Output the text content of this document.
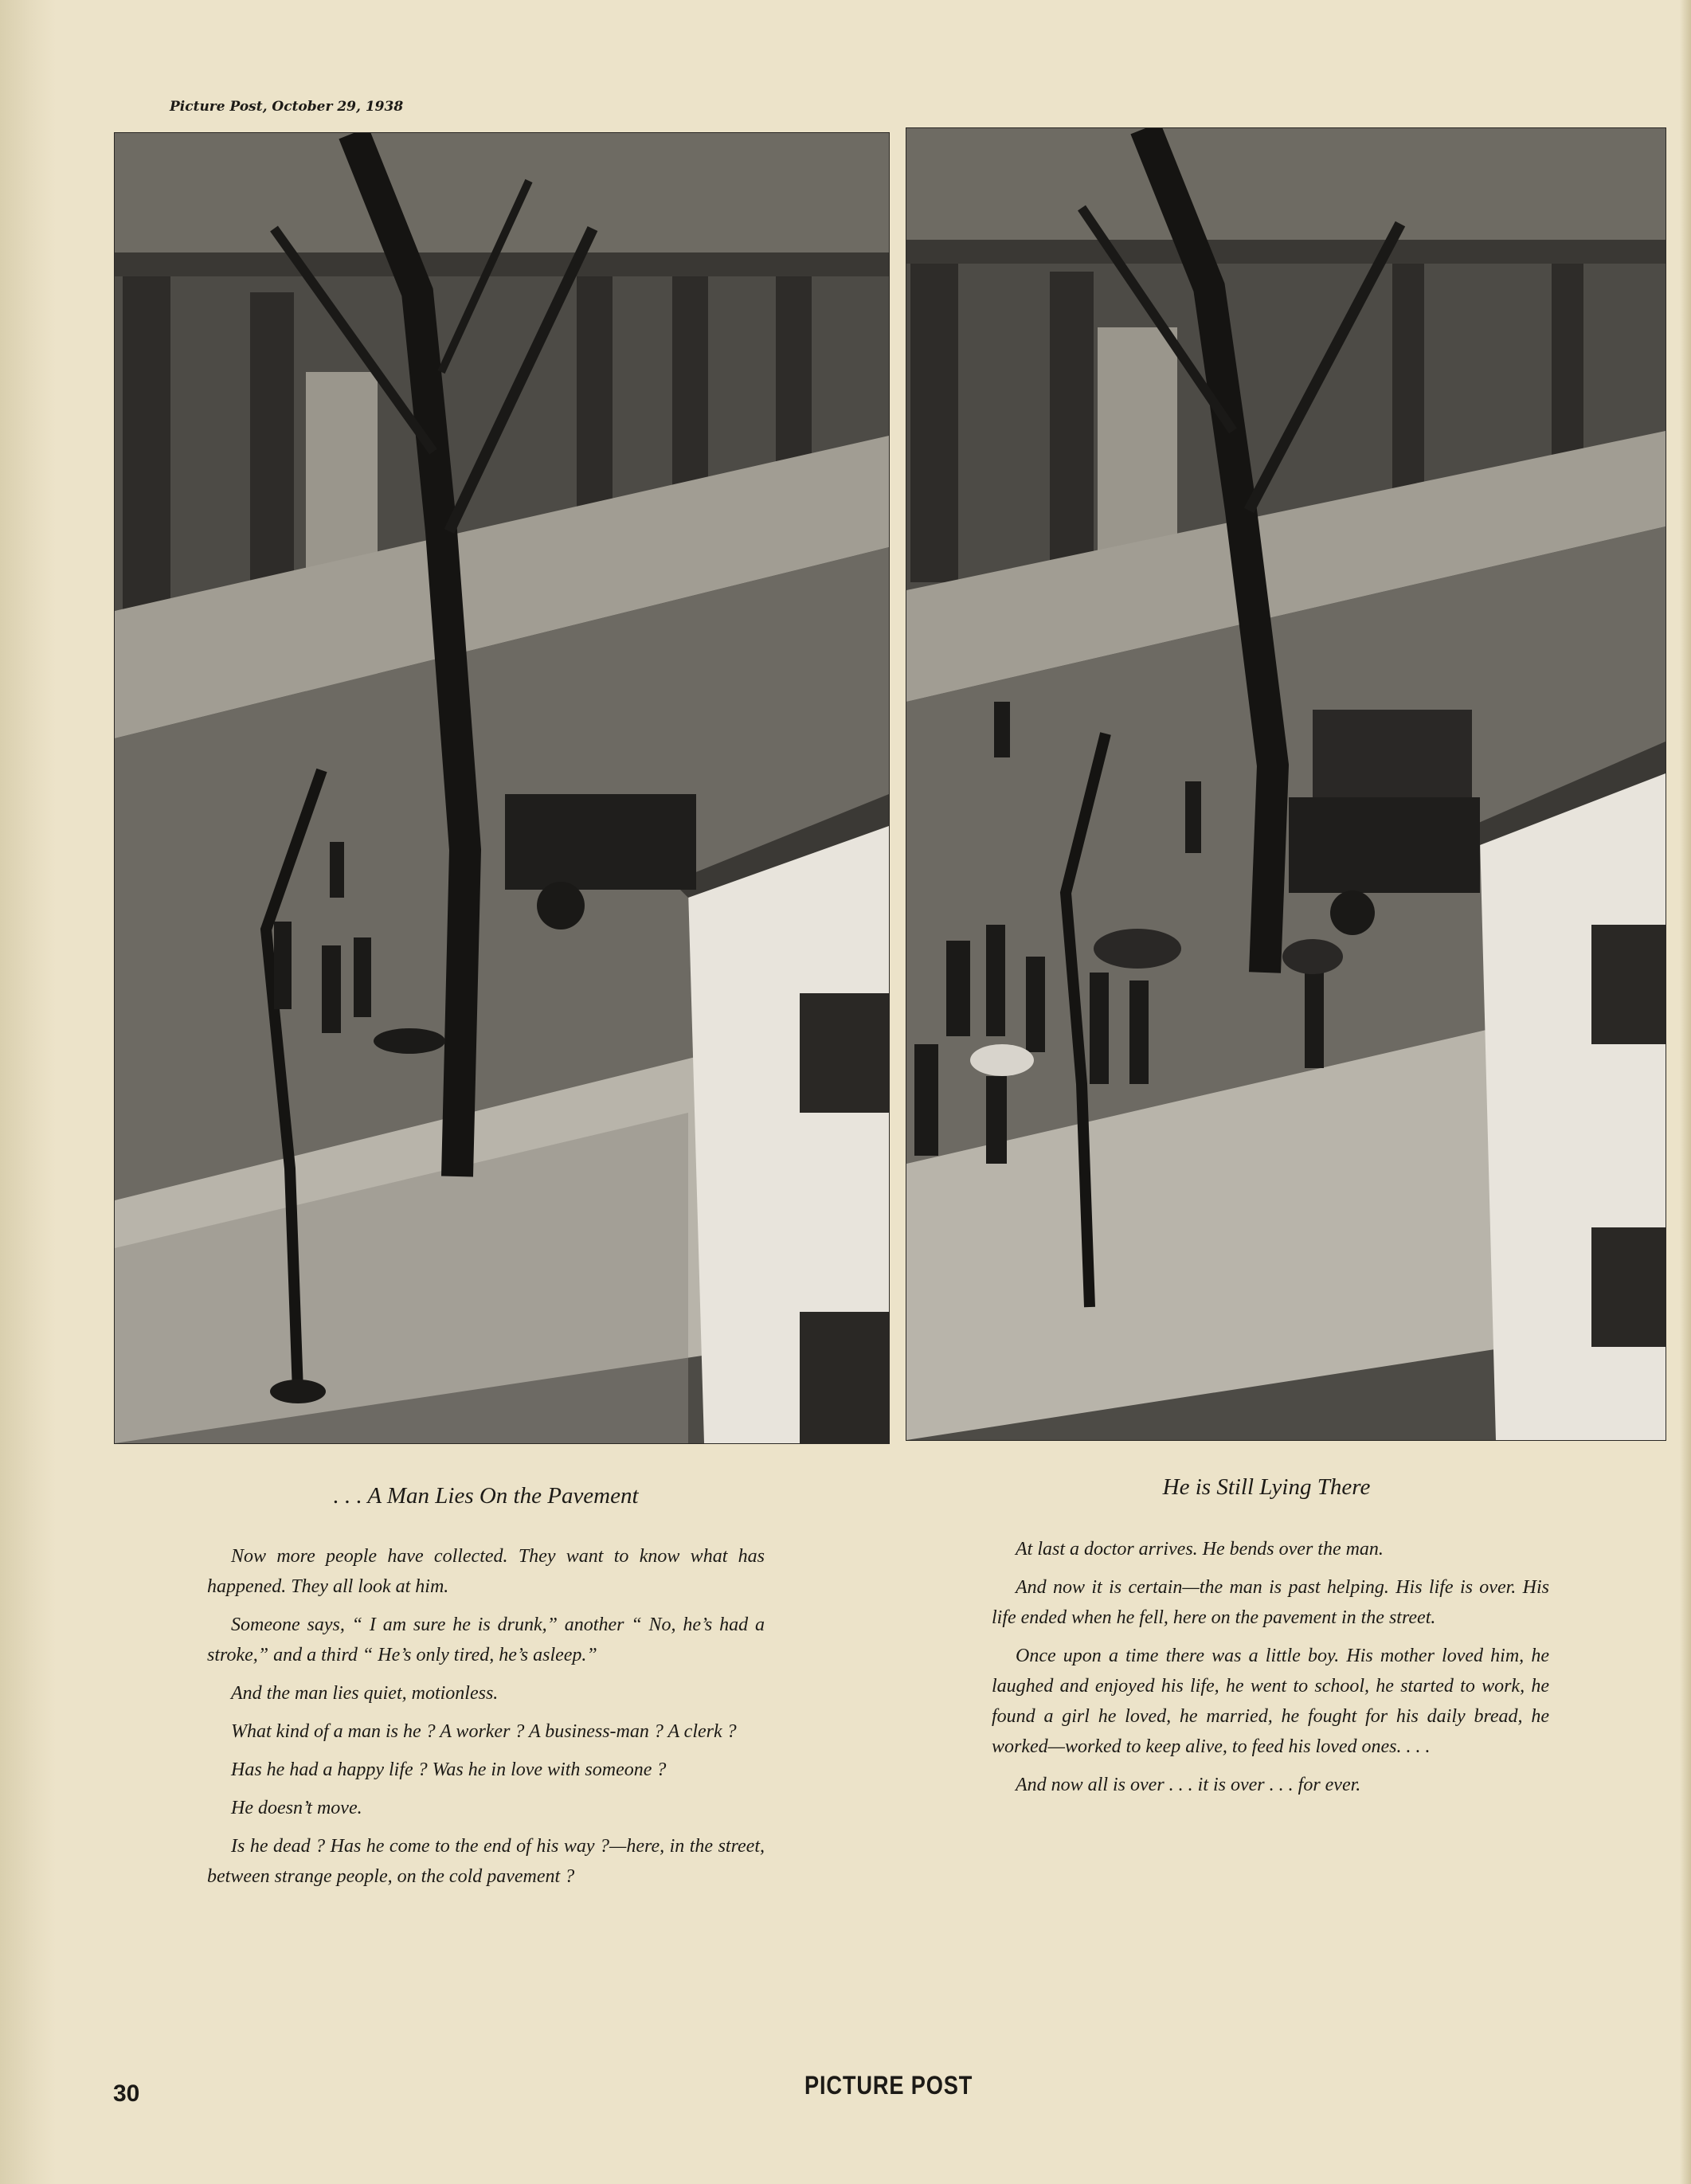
Picture Post, October 29, 1938
. . . A Man Lies On the Pavement	He is Still Lying There

Now more people have collected. They want to know what has happened. They all look at him.

Someone says, “ I am sure he is drunk,” another “ No, he’s had a stroke,” and a third “ He’s only tired, he’s asleep.”

And the man lies quiet, motionless.

What kind of a man is he ? A worker ? A business-man ? A clerk ?

Has he had a happy life ? Was he in love with someone ?

He doesn’t move.

Is he dead ? Has he come to the end of his way ?—here, in the street, between strange people, on the cold pavement ?

At last a doctor arrives. He bends over the man.

And now it is certain—the man is past helping. His life is over. His life ended when he fell, here on the pavement in the street.

Once upon a time there was a little boy. His mother loved him, he laughed and enjoyed his life, he went to school, he started to work, he found a girl he loved, he married, he fought for his daily bread, he worked—worked to keep alive, to feed his loved ones. . . .

And now all is over . . . it is over . . . for ever.

30	PICTURE POST
